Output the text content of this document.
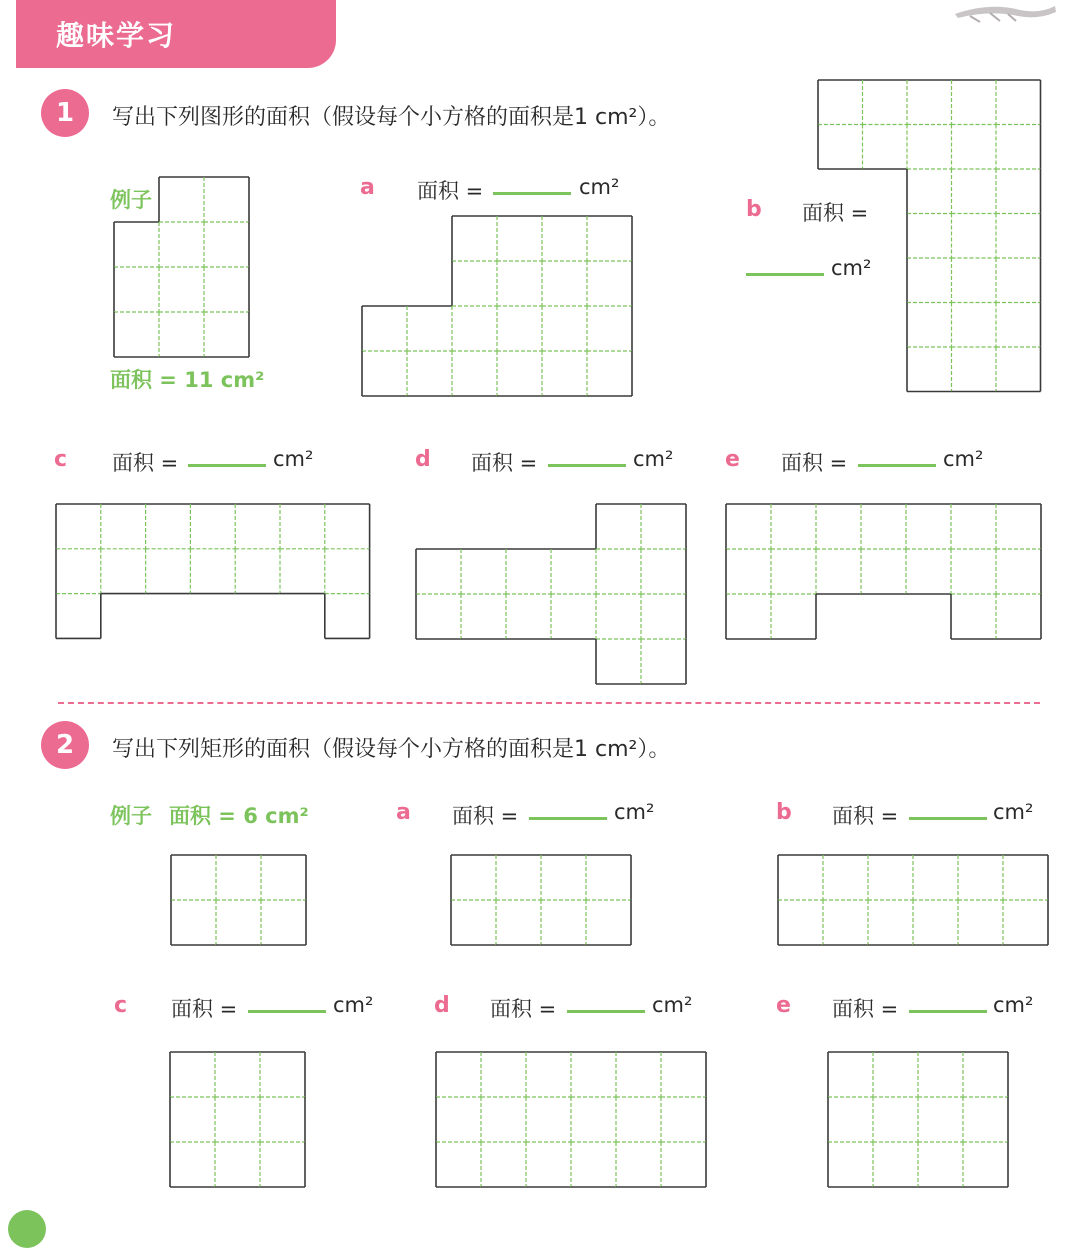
趣味学习
1	写出下列图形的面积（假设每个小方格的面积是1 cm²）。
例子
面积 = 11 cm²
a 面积 =	cm²
b 面积 =
cm²
c 面积 =	cm²	d 面积 =	cm² e 面积 =	cm²
2	写出下列矩形的面积（假设每个小方格的面积是1 cm²）。
例子 面积 = 6 cm²	a 面积 =	cm²	b 面积 =	cm²
c 面积 =	cm²	d 面积 =	cm²	e 面积 =	cm²
